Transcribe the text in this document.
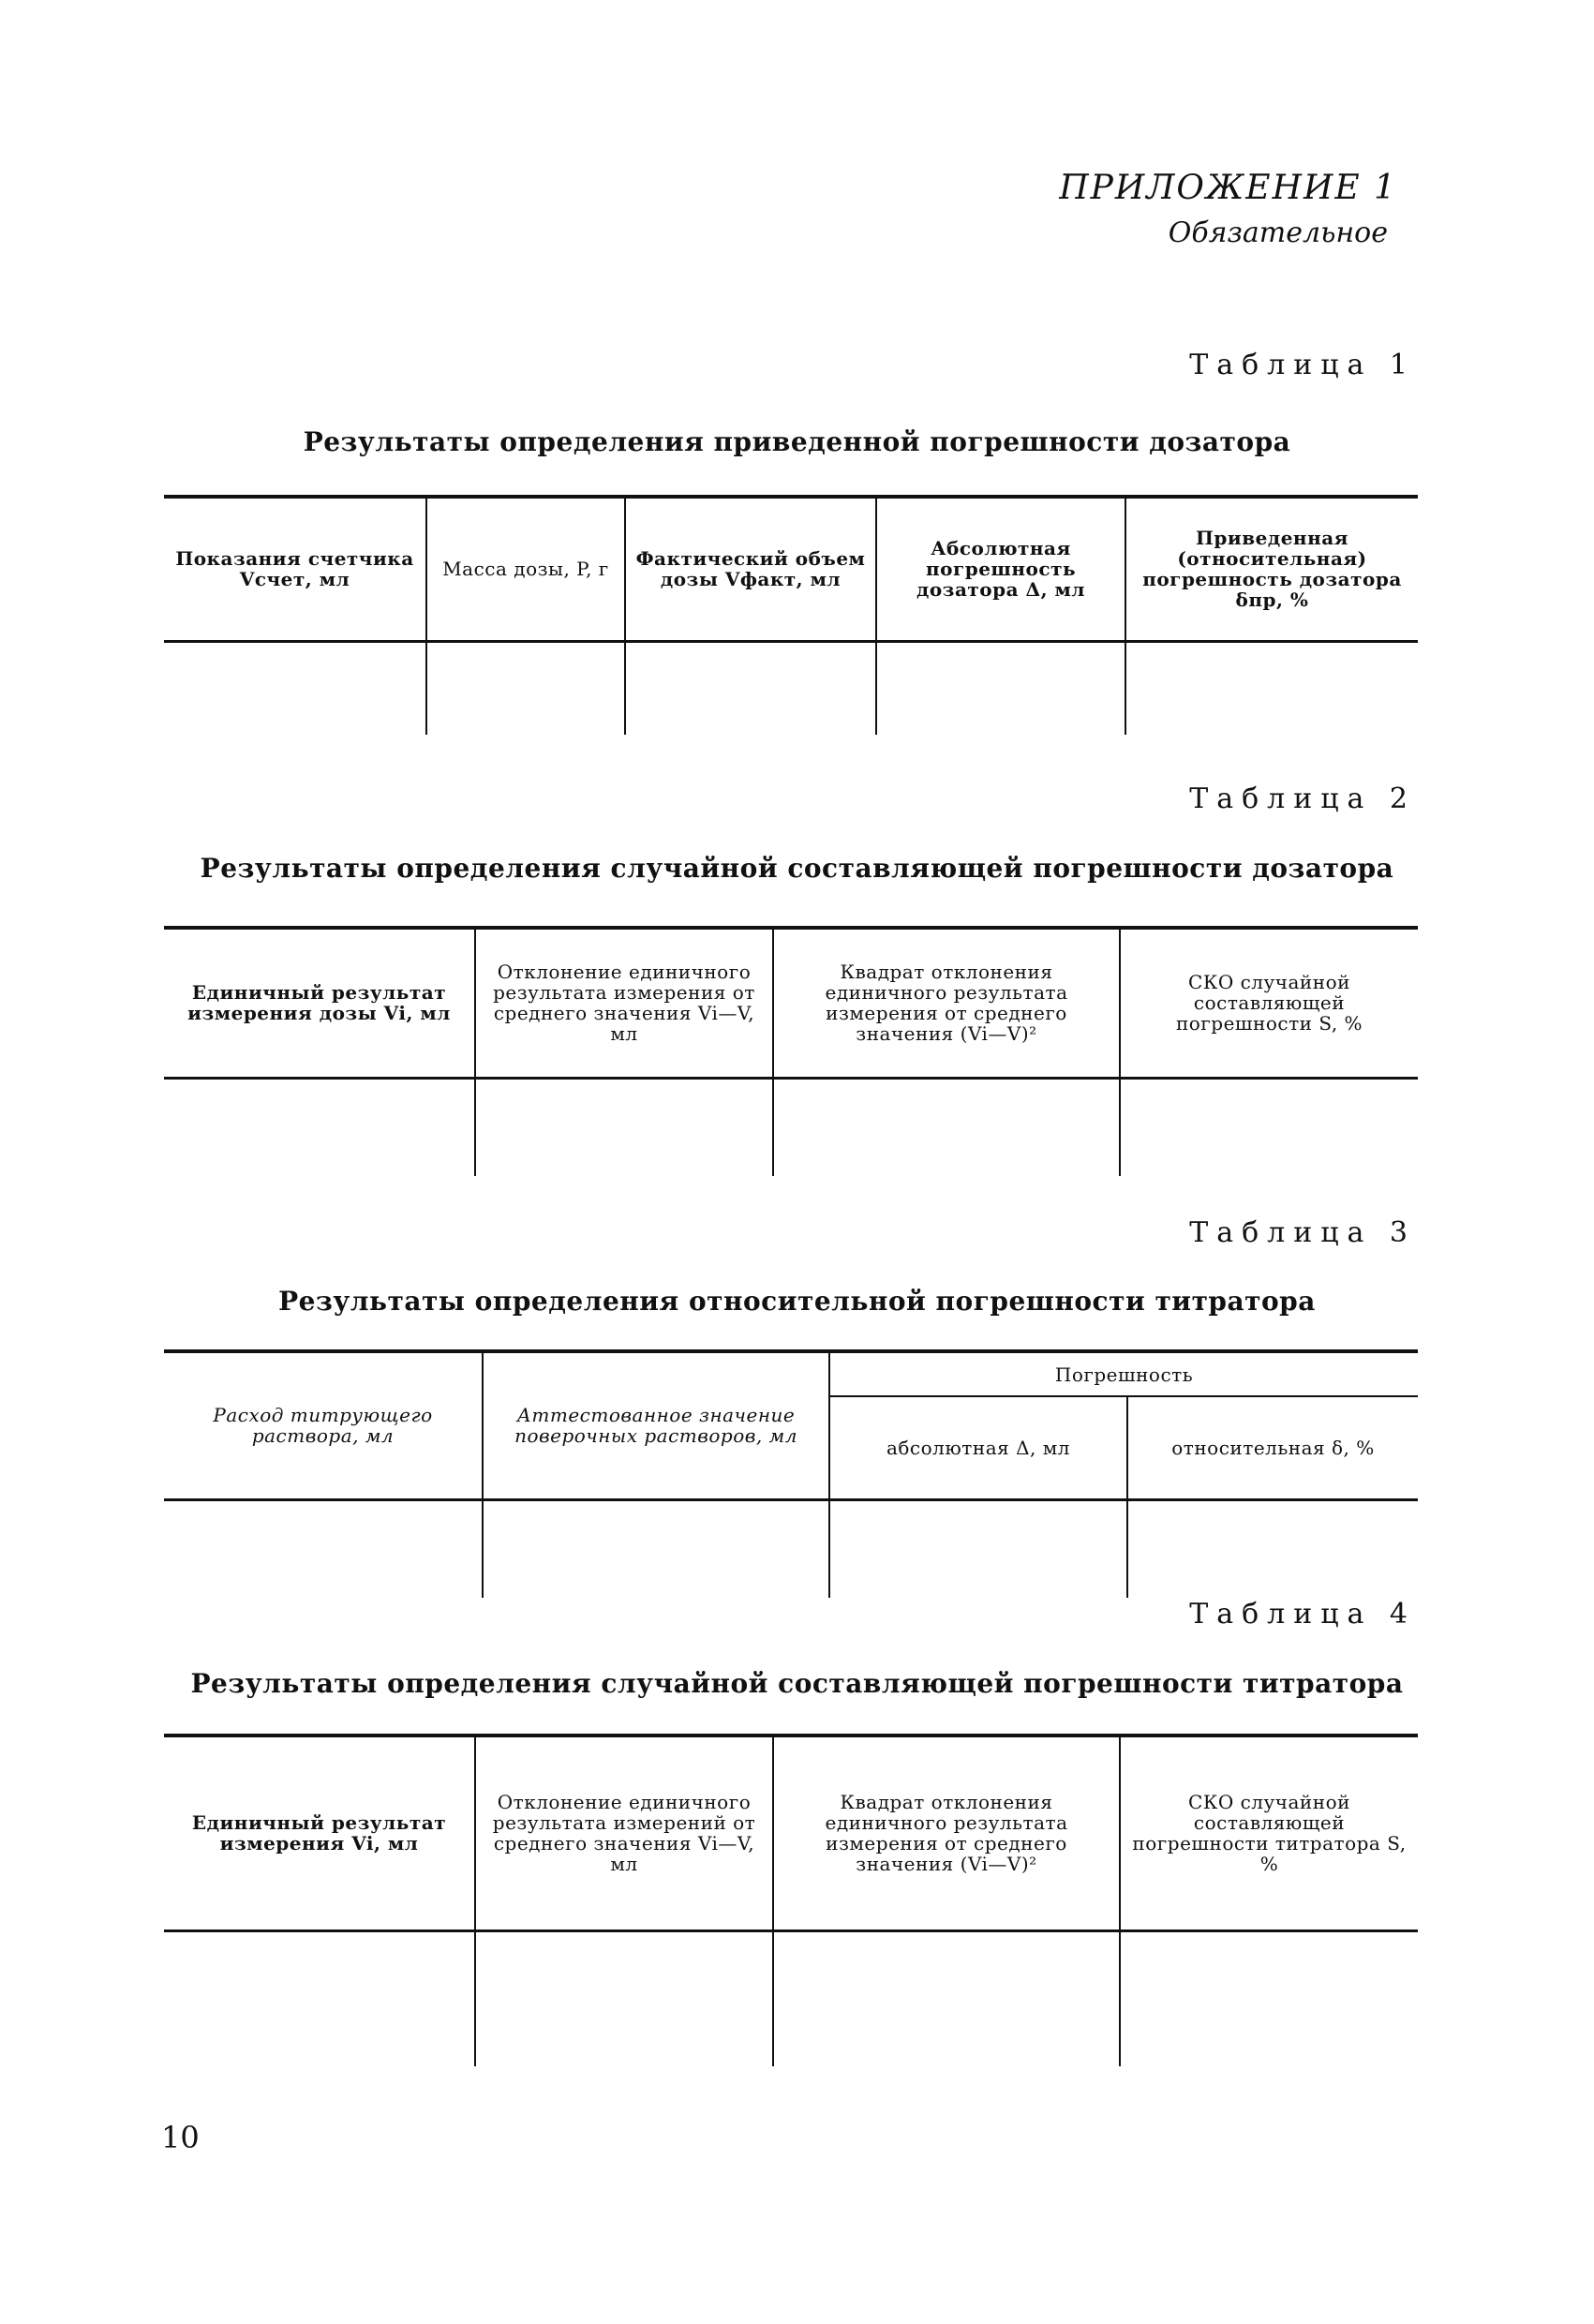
ПРИЛОЖЕНИЕ 1
Обязательное
Таблица 1
Результаты определения приведенной погрешности дозатора
Показания счетчика Vсчет, мл	Масса дозы, P, г	Фактический объем дозы Vфакт, мл	Абсолютная погрешность дозатора Δ, мл	Приведенная (относительная) погрешность дозатора δпр, %

Таблица 2
Результаты определения случайной составляющей погрешности дозатора
Единичный результат измерения дозы Vi, мл	Отклонение единичного результата измерения от среднего значения Vi—V, мл	Квадрат отклонения единичного результата измерения от среднего значения (Vi—V)²	СКО случайной составляющей погрешности S, %

Таблица 3
Результаты определения относительной погрешности титратора
Расход титрующего раствора, мл	Аттестованное значение поверочных растворов, мл	Погрешность	
		абсолютная Δ, мл	относительная δ, %

Таблица 4
Результаты определения случайной составляющей погрешности титратора
Единичный результат измерения Vi, мл	Отклонение единичного результата измерений от среднего значения Vi—V, мл	Квадрат отклонения единичного результата измерения от среднего значения (Vi—V)²	СКО случайной составляющей погрешности титратора S, %

10
